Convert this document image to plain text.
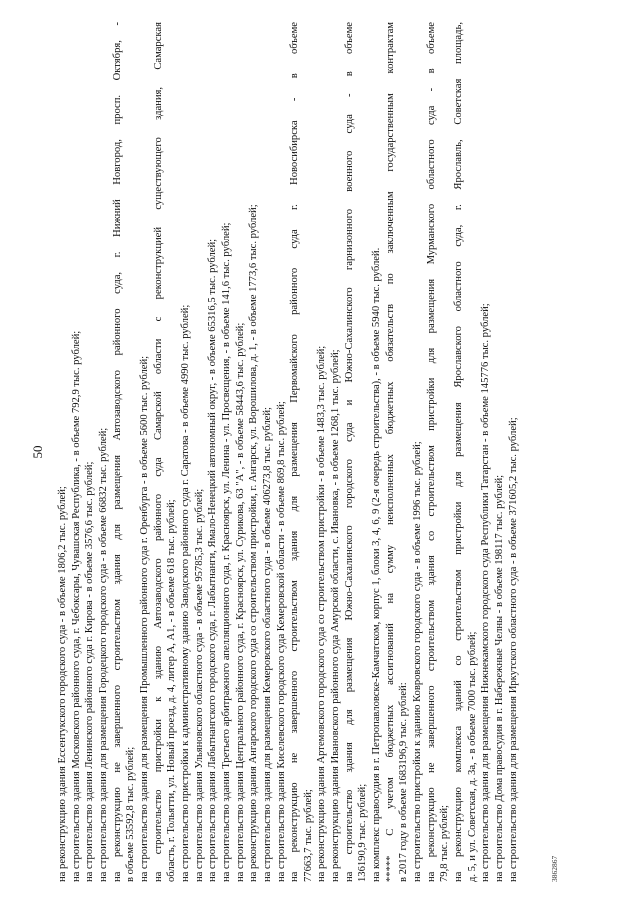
50
на реконструкцию здания Ессентукского городского суда - в объеме 1806,2 тыс. рублей; на строительство здания Московского районного суда, г. Чебоксары, Чувашская Республика, - в объеме 792,9 тыс. рублей; на строительство здания Ленинского районного суда г. Кирова - в объеме 3576,6 тыс. рублей; на строительство здания для размещения Городецкого городского суда - в объеме 66832 тыс. рублей; на реконструкцию не завершенного строительством здания для размещения Автозаводского районного суда, г. Нижний Новгород, просп. Октября, - в объеме 53592,8 тыс. рублей; на строительство здания для размещения Промышленного районного суда г. Оренбурга - в объеме 5600 тыс. рублей; на строительство пристройки к зданию Автозаводского районного суда Самарской области с реконструкцией существующего здания, Самарская область, г. Тольятти, ул. Новый проезд, д. 4, литер А, А1, - в объеме 618 тыс. рублей; на строительство пристройки к административному зданию Заводского районного суда г. Саратова - в объеме 4990 тыс. рублей; на строительство здания Ульяновского областного суда - в объеме 95785,3 тыс. рублей; на строительство здания Лабытнангского городского суда, г. Лабытнанги, Ямало-Ненецкий автономный округ, - в объеме 65316,5 тыс. рублей; на строительство здания Третьего арбитражного апелляционного суда, г. Красноярск, ул. Ленина - ул. Просвещения, - в объеме 141,6 тыс. рублей; на строительство здания Центрального районного суда, г. Красноярск, ул. Сурикова, 63 "А", - в объеме 58443,6 тыс. рублей; на реконструкцию здания Ангарского городского суда со строительством пристройки, г. Ангарск, ул. Ворошилова, д. 1, - в объеме 1773,6 тыс. рублей; на строительство здания для размещения Кемеровского областного суда - в объеме 406273,8 тыс. рублей; на строительство здания Киселевского городского суда Кемеровской области - в объеме 869,8 тыс. рублей; на реконструкцию не завершенного строительством здания для размещения Первомайского районного суда г. Новосибирска - в объеме 77663,7 тыс. рублей; на реконструкцию здания Артемовского городского суда со строительством пристройки - в объеме 1483,3 тыс. рублей; на реконструкцию здания Ивановского районного суда Амурской области, с. Ивановка, - в объеме 1268,1 тыс. рублей; на строительство здания для размещения Южно-Сахалинского городского суда и Южно-Сахалинского гарнизонного военного суда - в объеме 136190,9 тыс. рублей; на комплекс правосудия в г. Петропавловске-Камчатском, корпус 1, блоки 3, 4, 6, 9 (2-я очередь строительства), - в объеме 5940 тыс. рублей. ***** С учетом бюджетных ассигнований на сумму неисполненных бюджетных обязательств по заключенным государственным контрактам в 2017 году в объеме 1683196,9 тыс. рублей: на строительство пристройки к зданию Ковровского городского суда - в объеме 1996 тыс. рублей; на реконструкцию не завершенного строительством здания со строительством пристройки для размещения Мурманского областного суда - в объеме 79,8 тыс. рублей; на реконструкцию комплекса зданий со строительством пристройки для размещения Ярославского областного суда, г. Ярославль, Советская площадь, д. 5, и ул. Советская, д. 3а, - в объеме 7000 тыс. рублей; на строительство здания для размещения Нижнекамского городского суда Республики Татарстан - в объеме 145776 тыс. рублей; на строительство Дома правосудия в г. Набережные Челны - в объеме 198117 тыс. рублей; на строительство здания для размещения Иркутского областного суда - в объеме 371605,2 тыс. рублей;	3862867
